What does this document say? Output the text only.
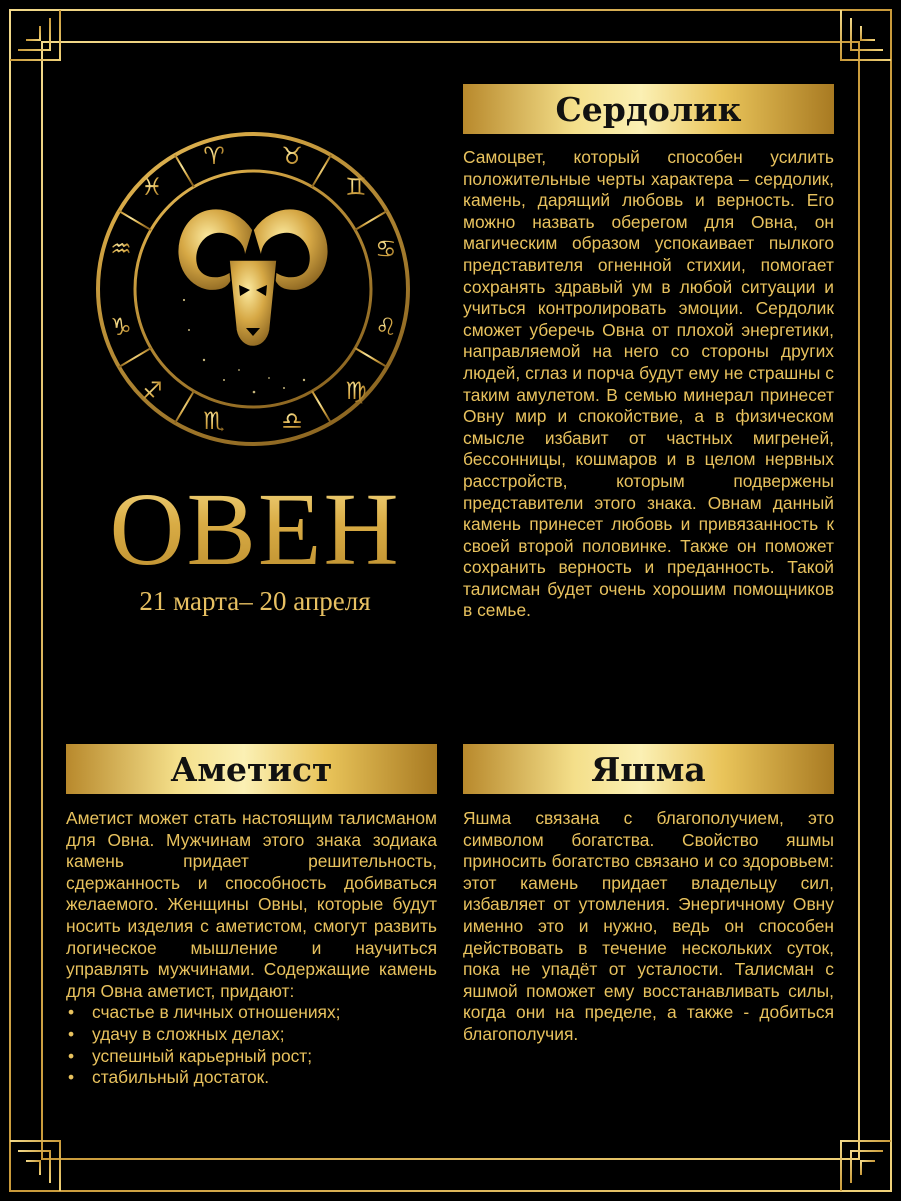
♈ ♉
♊
♋
♌
♍
♎
♏
♐
♑
♒
♓
ОВЕН
21 марта– 20 апреля
Сердолик

Самоцвет, который способен усилить положительные черты характера – сердолик, камень, дарящий любовь и верность. Его можно назвать оберегом для Овна, он магическим образом успокаивает пылкого представителя огненной стихии, помогает сохранять здравый ум в любой ситуации и учиться контролировать эмоции. Сердолик сможет уберечь Овна от плохой энергетики, направляемой на него со стороны других людей, сглаз и порча будут ему не страшны с таким амулетом. В семью минерал принесет Овну мир и спокойствие, а в физическом смысле избавит от частных мигреней, бессонницы, кошмаров и в целом нервных расстройств, которым подвержены представители этого знака. Овнам данный камень принесет любовь и привязанность к своей второй половинке. Также он поможет сохранить верность и преданность. Такой талисман будет очень хорошим помощников в семье.

Аметист

Аметист может стать настоящим талисманом для Овна. Мужчинам этого знака зодиака камень придает решительность, сдержанность и способность добиваться желаемого. Женщины Овны, которые будут носить изделия с аметистом, смогут развить логическое мышление и научиться управлять мужчинами. Содержащие камень для Овна аметист, придают:

• счастье в личных отношениях;
• удачу в сложных делах;
• успешный карьерный рост;
• стабильный достаток.
Яшма

Яшма связана с благополучием, это символом богатства. Свойство яшмы приносить богатство связано и со здоровьем: этот камень придает владельцу сил, избавляет от утомления. Энергичному Овну именно это и нужно, ведь он способен действовать в течение нескольких суток, пока не упадёт от усталости. Талисман с яшмой поможет ему восстанавливать силы, когда они на пределе, а также - добиться благополучия.
